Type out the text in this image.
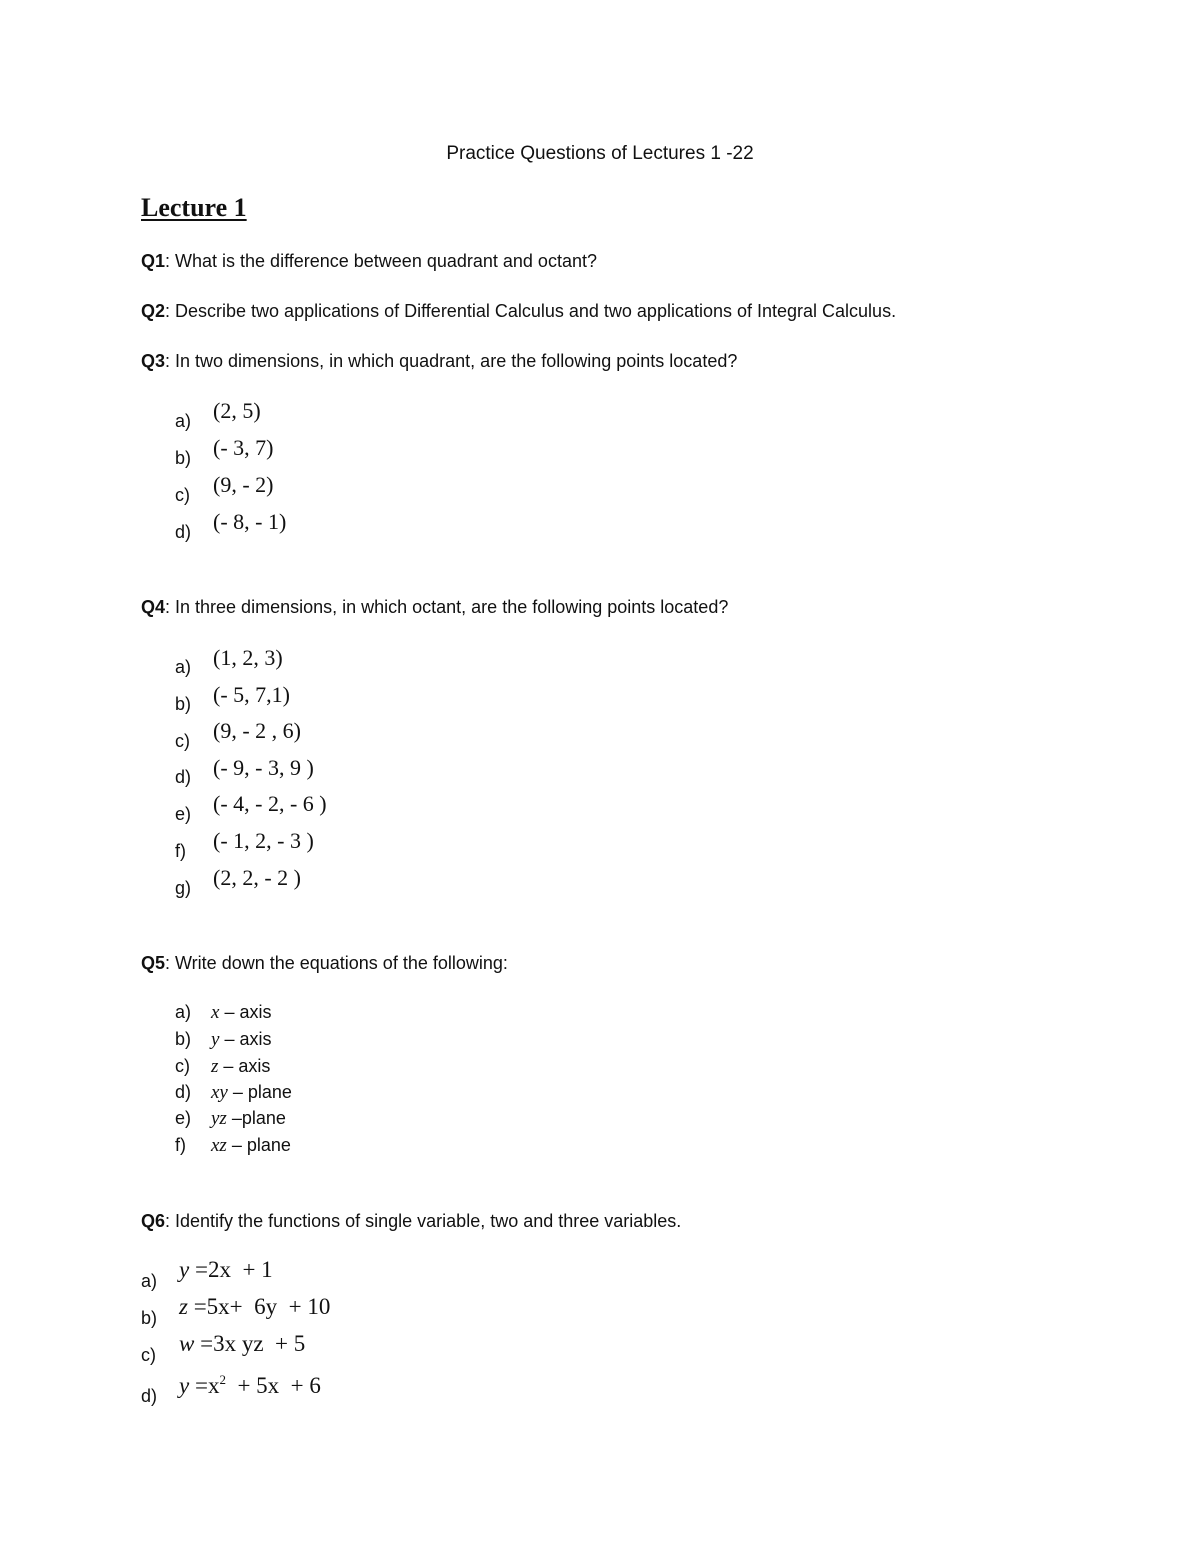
Practice Questions of Lectures 1 -22
Lecture 1
Q1: What is the difference between quadrant and octant?
Q2: Describe two applications of Differential Calculus and two applications of Integral Calculus.
Q3: In two dimensions, in which quadrant, are the following points located?
a) (2, 5)
b) (- 3, 7)
c) (9, - 2)
d) (- 8, - 1)
Q4: In three dimensions, in which octant, are the following points located?
a) (1, 2, 3)
b) (- 5, 7,1)
c) (9, - 2 , 6)
d) (- 9, - 3, 9 )
e) (- 4, - 2, - 6 )
f) (- 1, 2, - 3 )
g) (2, 2, - 2 )
Q5: Write down the equations of the following:
a) x – axis
b) y – axis
c) z – axis
d) xy – plane
e) yz –plane
f) xz – plane
Q6: Identify the functions of single variable, two and three variables.
a) y =2x  + 1
b) z =5x+  6y  + 10
c) w =3x yz  + 5
d) $y =x^2 + 5x + 6$
